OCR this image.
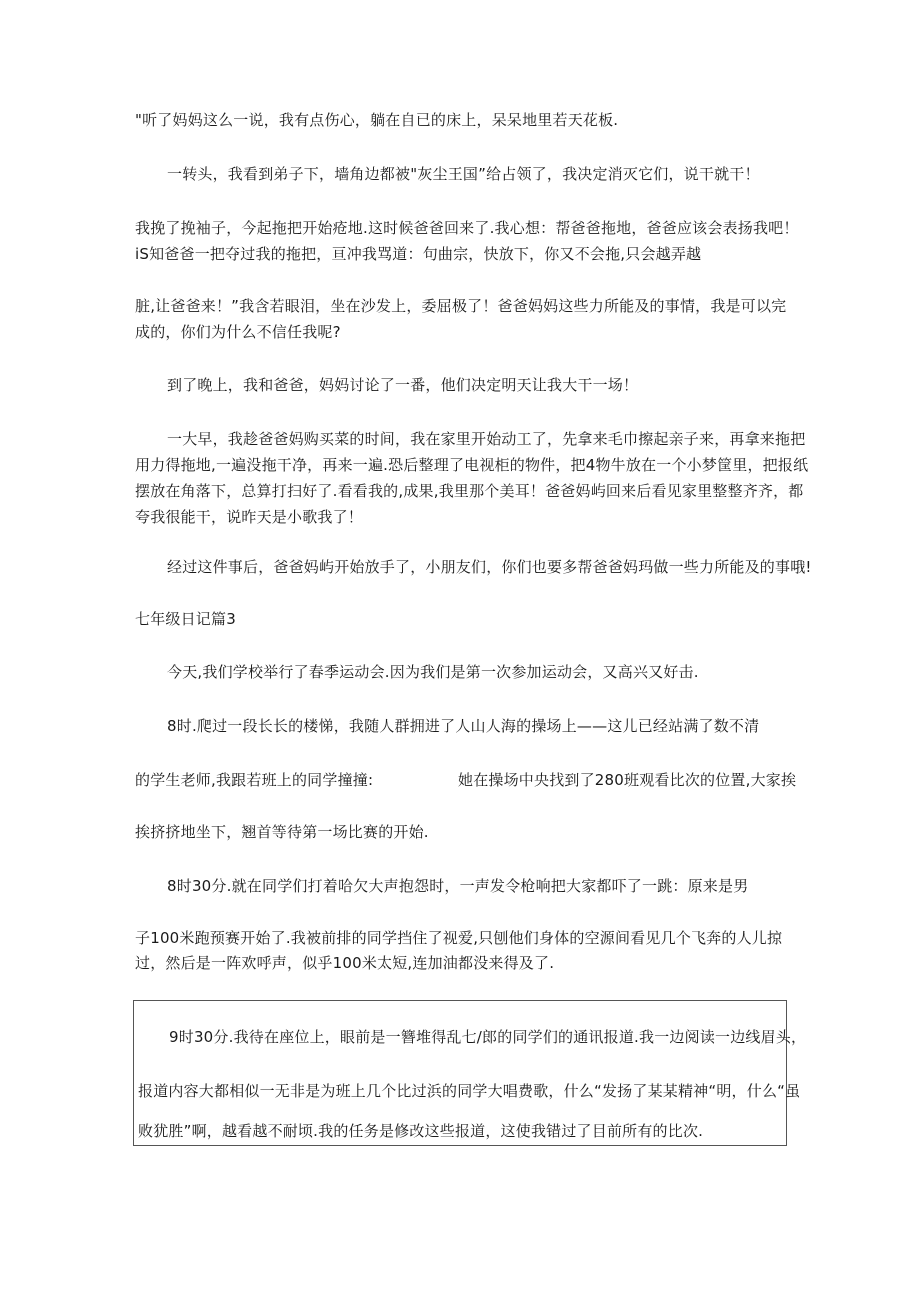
"听了妈妈这么一说，我有点伤心，躺在自已的床上，呆呆地里若天花板.
一转头，我看到弟子下，墙角边都被"灰尘王国”给占领了，我决定消灭它们，说干就干！
我挽了挽袖子，今起拖把开始疮地.这时候爸爸回来了.我心想：帮爸爸拖地，爸爸应该会表扬我吧！
iS知爸爸一把夺过我的拖把，亘冲我骂道：句曲宗，快放下，你又不会拖,只会越弄越
脏,让爸爸来！”我含若眼泪，坐在沙发上，委屈极了！爸爸妈妈这些力所能及的事情，我是可以完
成的，你们为什么不信任我呢?
到了晚上，我和爸爸，妈妈讨论了一番，他们决定明天让我大干一场！
一大早，我趁爸爸妈购买菜的时间，我在家里开始动工了，先拿来毛巾擦起亲子来，再拿来拖把
用力得拖地,一遍没拖干净，再来一遍.恐后整理了电视柜的物件，把4物牛放在一个小梦筐里，把报纸
摆放在角落下，总算打扫好了.看看我的,成果,我里那个美耳！爸爸妈屿回来后看见家里整整齐齐，都
夸我很能干，说昨天是小歌我了！
经过这件事后，爸爸妈屿开始放手了，小朋友们，你们也要多帮爸爸妈玛做一些力所能及的事哦!
七年级日记篇3
今天,我们学校举行了春季运动会.因为我们是第一次参加运动会，又高兴又好击.
8时.爬过一段长长的楼悌，我随人群拥进了人山人海的操场上——这儿已经站满了数不清
的学生老师,我跟若班上的同学撞撞:	她在操场中央找到了280班观看比次的位置,大家挨
挨挤挤地坐下，翘首等待第一场比赛的开始.
8时30分.就在同学们打着哈欠大声抱怨时，一声发令枪响把大家都吓了一跳：原来是男
子100米跑预赛开始了.我被前排的同学挡住了视爱,只刨他们身体的空源间看见几个飞奔的人儿掠
过，然后是一阵欢呼声，似乎100米太短,连加油都没来得及了.
9时30分.我待在座位上，眼前是一簪堆得乱七/郎的同学们的通讯报道.我一边阅读一边线眉头，
报道内容大都相似一无非是为班上几个比过浜的同学大唱费歌，什么“发扬了某某精神“明，什么“虽
败犹胜”啊，越看越不耐顷.我的任务是修改这些报道，这使我错过了目前所有的比次.
